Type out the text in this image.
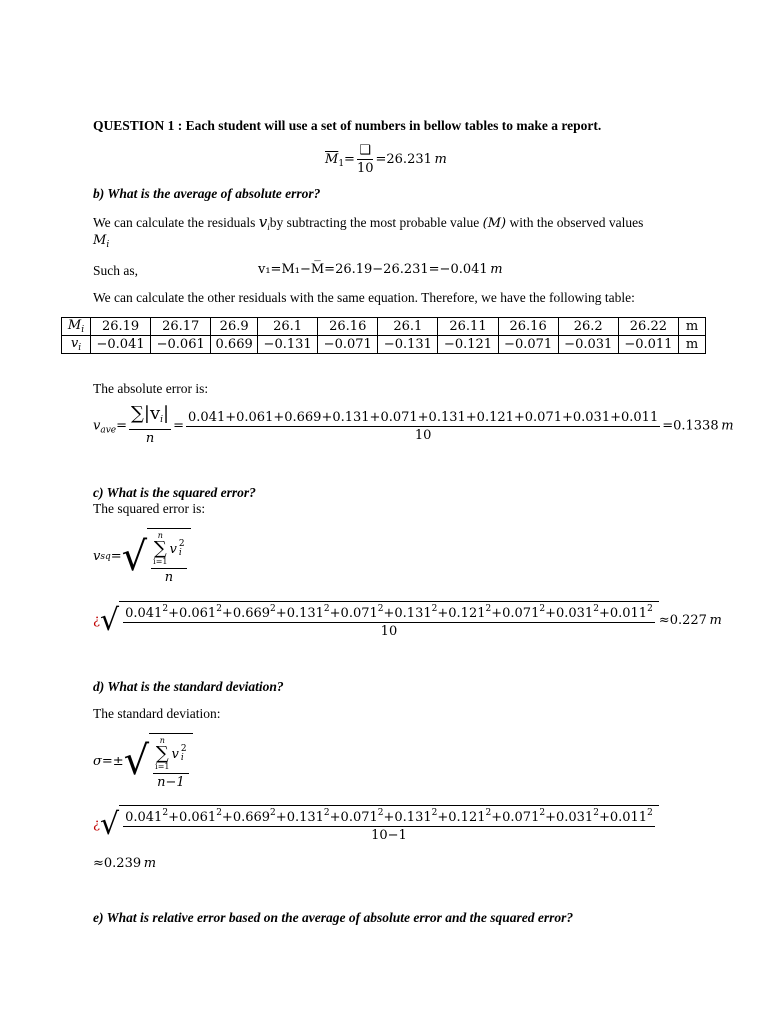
QUESTION 1 : Each student will use a set of numbers in bellow tables to make a report.
$\overline{M}_1= \frac{❑}{10} =26.231$  m
b) What is the average of absolute error?
We can calculate the residuals $v_iby$ subtracting the most probable value (M) with the observed values
$M_i$
Such as,	v₁=M₁−M̅=26.19−26.231=−0.041  m
We can calculate the other residuals with the same equation. Therefore, we have the following table:
$M_i$	26.19	26.17	26.9	26.1	26.16	26.1	26.11	26.16	26.2	26.22	m
$v_i$	−0.041	−0.061	0.669	−0.131	−0.071	−0.131	−0.121	−0.071	−0.031	−0.011	m
The absolute error is:
$v_{ave}= \frac{\sum|v_i|}{n} = \frac{0.041+0.061+0.669+0.131+0.071+0.131+0.121+0.071+0.031+0.011}{10} =0.1338$  m
c) What is the squared error?
The squared error is:
v sq = √ n
∑
i=1
v 2
i
n
¿ √ $0.041^2+0.061^2+0.669^2+0.131^2+0.071^2+0.131^2+0.121^2+0.071^2+0.031^2+0.011^2$
10
≈0.227
  m
d) What is the standard deviation?
The standard deviation:
σ=± √ n
∑
i=1
v 2
i
n−1
¿ √ $0.041^2+0.061^2+0.669^2+0.131^2+0.071^2+0.131^2+0.121^2+0.071^2+0.031^2+0.011^2$
10−1
≈0.239  m
e) What is relative error based on the average of absolute error and the squared error?
